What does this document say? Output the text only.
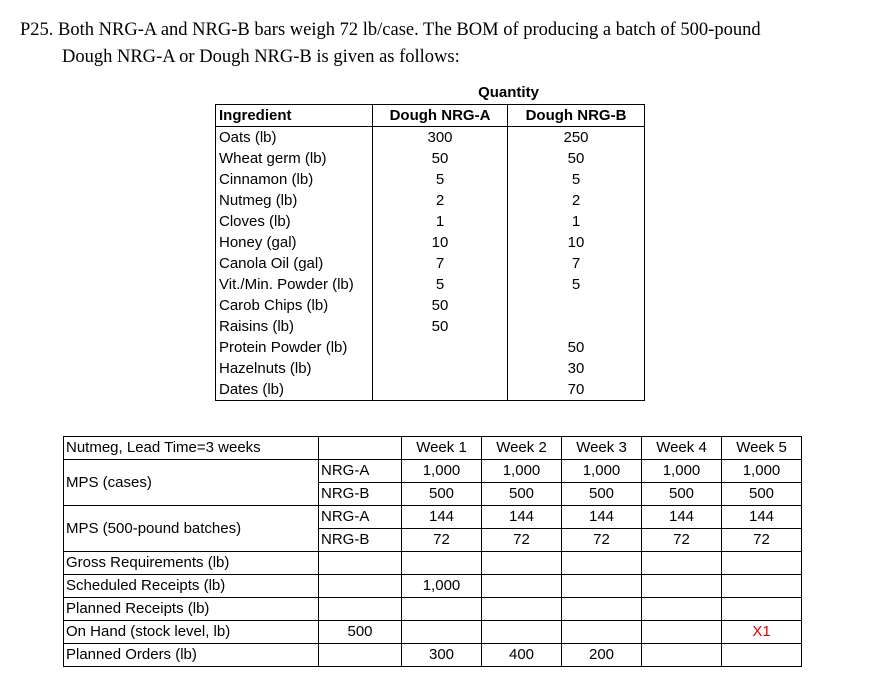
P25. Both NRG-A and NRG-B bars weigh 72 lb/case. The BOM of producing a batch of 500-pound
Dough NRG-A or Dough NRG-B is given as follows:
	Quantity	
Ingredient	Dough NRG-A	Dough NRG-B
Oats (lb)	300	250
Wheat germ (lb)	50	50
Cinnamon (lb)	5	5
Nutmeg (lb)	2	2
Cloves (lb)	1	1
Honey (gal)	10	10
Canola Oil (gal)	7	7
Vit./Min. Powder (lb)	5	5
Carob Chips (lb)	50	
Raisins (lb)	50	
Protein Powder (lb)		50
Hazelnuts (lb)		30
Dates (lb)		70
Nutmeg, Lead Time=3 weeks		Week 1	Week 2	Week 3	Week 4	Week 5
MPS (cases)	NRG-A	1,000	1,000	1,000	1,000	1,000
	NRG-B	500	500	500	500	500
MPS (500-pound batches)	NRG-A	144	144	144	144	144
	NRG-B	72	72	72	72	72
Gross Requirements (lb)						
Scheduled Receipts (lb)		1,000				
Planned Receipts (lb)						
On Hand (stock level, lb)	500					X1
Planned Orders (lb)		300	400	200		
